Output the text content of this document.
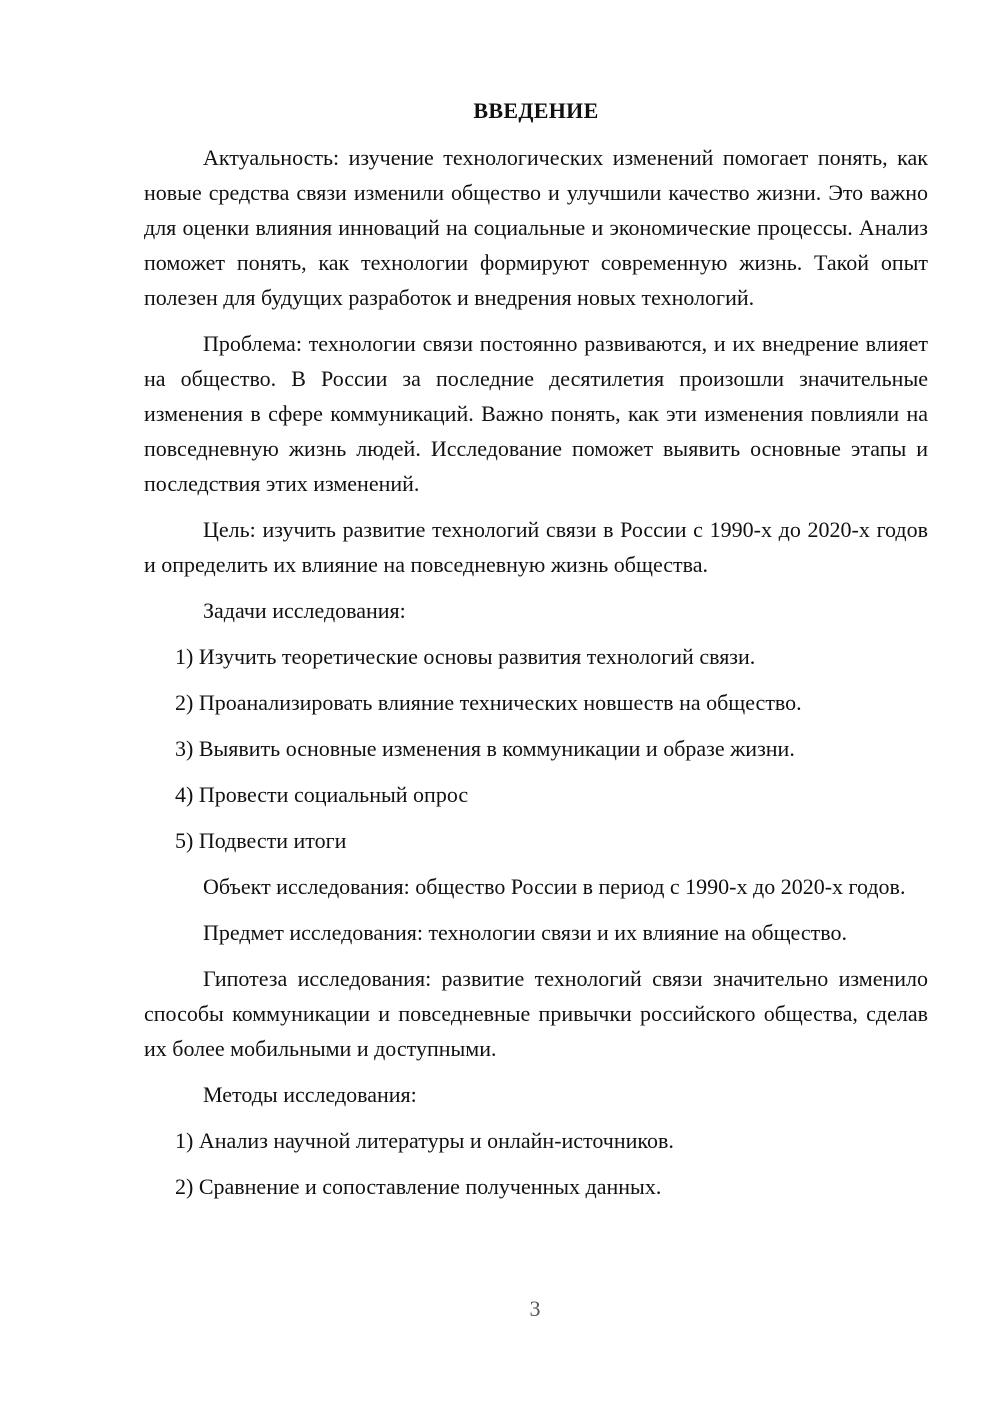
ВВЕДЕНИЕ

Актуальность: изучение технологических изменений помогает понять, как новые средства связи изменили общество и улучшили качество жизни. Это важно для оценки влияния инноваций на социальные и экономические процессы. Анализ поможет понять, как технологии формируют современную жизнь. Такой опыт полезен для будущих разработок и внедрения новых технологий.

Проблема: технологии связи постоянно развиваются, и их внедрение влияет на общество. В России за последние десятилетия произошли значительные изменения в сфере коммуникаций. Важно понять, как эти изменения повлияли на повседневную жизнь людей. Исследование поможет выявить основные этапы и последствия этих изменений.

Цель: изучить развитие технологий связи в России с 1990-х до 2020-х годов и определить их влияние на повседневную жизнь общества.

Задачи исследования:

1) Изучить теоретические основы развития технологий связи.
2) Проанализировать влияние технических новшеств на общество.
3) Выявить основные изменения в коммуникации и образе жизни.
4) Провести социальный опрос
5) Подвести итоги

Объект исследования: общество России в период с 1990-х до 2020-х годов.

Предмет исследования: технологии связи и их влияние на общество.

Гипотеза исследования: развитие технологий связи значительно изменило способы коммуникации и повседневные привычки российского общества, сделав их более мобильными и доступными.

Методы исследования:

1) Анализ научной литературы и онлайн-источников.
2) Сравнение и сопоставление полученных данных.
3
